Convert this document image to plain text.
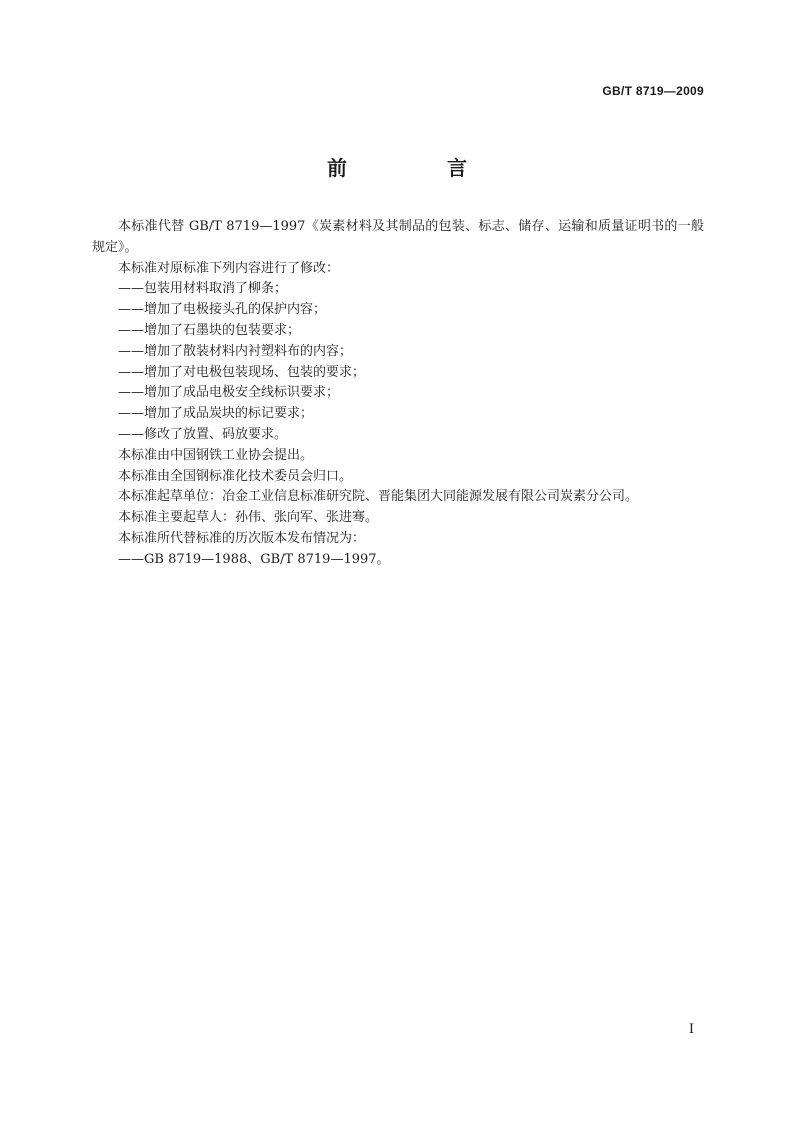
GB/T 8719—2009
前　言

本标准代替 GB/T 8719—1997《炭素材料及其制品的包装、标志、储存、运输和质量证明书的一般规定》。

本标准对原标准下列内容进行了修改：

——包装用材料取消了柳条；

——增加了电极接头孔的保护内容；

——增加了石墨块的包装要求；

——增加了散装材料内衬塑料布的内容；

——增加了对电极包装现场、包装的要求；

——增加了成品电极安全线标识要求；

——增加了成品炭块的标记要求；

——修改了放置、码放要求。

本标准由中国钢铁工业协会提出。

本标准由全国钢标准化技术委员会归口。

本标准起草单位：冶金工业信息标准研究院、晋能集团大同能源发展有限公司炭素分公司。

本标准主要起草人：孙伟、张向军、张进骞。

本标准所代替标准的历次版本发布情况为：

——GB 8719—1988、GB/T 8719—1997。

I
